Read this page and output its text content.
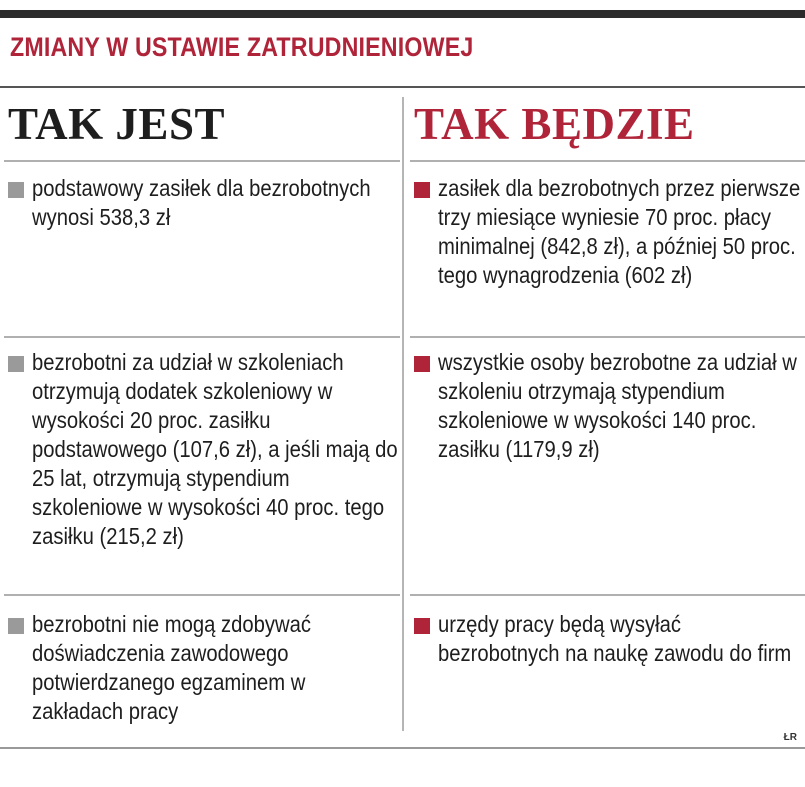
ZMIANY W USTAWIE ZATRUDNIENIOWEJ
TAK JEST
podstawowy zasiłek dla bezrobotnych wynosi 538,3 zł
bezrobotni za udział w szkoleniach otrzymują dodatek szkoleniowy w wysokości 20 proc. zasiłku podstawowego (107,6 zł), a jeśli mają do 25 lat, otrzymują stypendium szkoleniowe w wysokości 40 proc. tego zasiłku (215,2 zł)
bezrobotni nie mogą zdobywać doświadczenia zawodowego potwierdzanego egzaminem w zakładach pracy
TAK BĘDZIE
zasiłek dla bezrobotnych przez pierwsze trzy miesiące wyniesie 70 proc. płacy minimalnej (842,8 zł), a później 50 proc. tego wynagrodzenia (602 zł)
wszystkie osoby bezrobotne za udział w szkoleniu otrzymają stypendium szkoleniowe w wysokości 140 proc. zasiłku (1179,9 zł)
urzędy pracy będą wysyłać bezrobotnych na naukę zawodu do firm
ŁR
